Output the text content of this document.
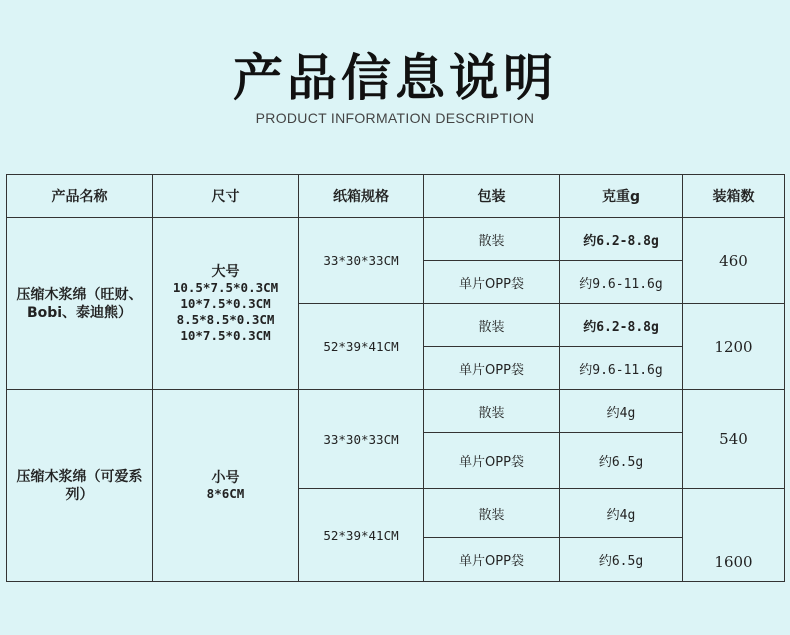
产品信息说明
PRODUCT INFORMATION DESCRIPTION
产品名称	尺寸	纸箱规格	包装	克重g	装箱数
压缩木浆绵（旺财、Bobi、泰迪熊）	大号
10.5*7.5*0.3CM
10*7.5*0.3CM
8.5*8.5*0.3CM
10*7.5*0.3CM	33*30*33CM	散装	约6.2-8.8g	460
			单片OPP袋	约9.6-11.6g	
		52*39*41CM	散装	约6.2-8.8g	1200
			单片OPP袋	约9.6-11.6g	
压缩木浆绵（可爱系列）	小号
8*6CM	33*30*33CM	散装	约4g	540
			单片OPP袋	约6.5g	
		52*39*41CM	散装	约4g	1600
			单片OPP袋	约6.5g	
